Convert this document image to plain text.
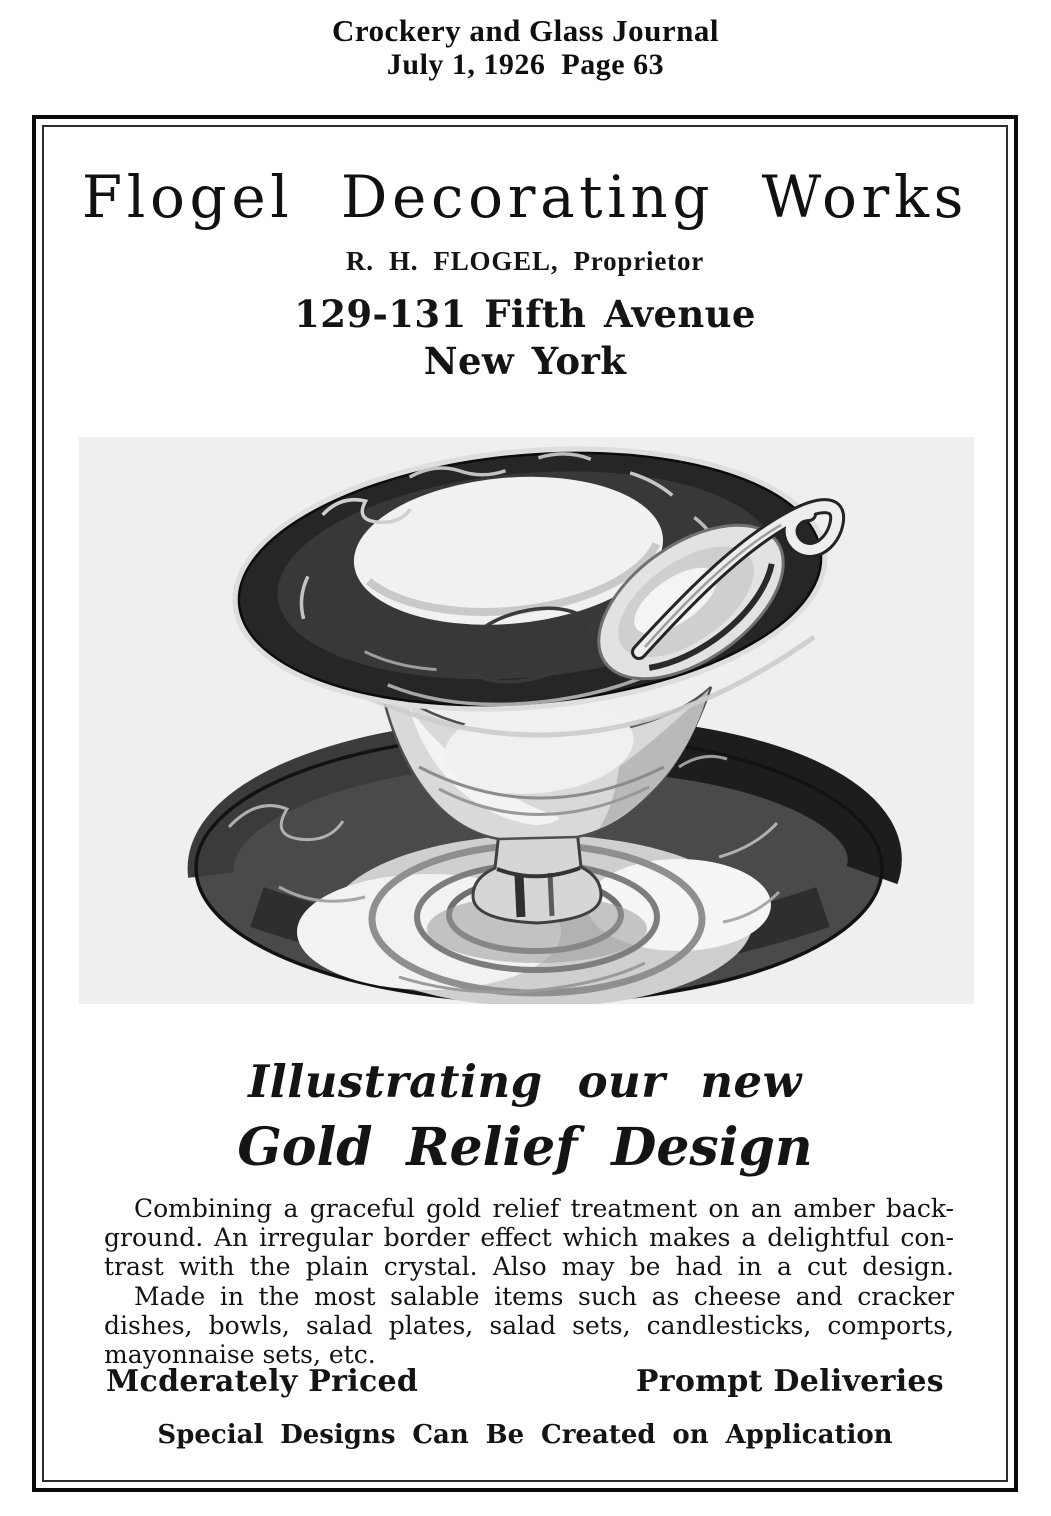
Crockery and Glass Journal
July 1, 1926  Page 63
Flogel Decorating Works
R. H. FLOGEL, Proprietor
129-131 Fifth Avenue
New York
Illustrating our new
Gold Relief Design
Combining a graceful gold relief treatment on an amber back-
ground. An irregular border effect which makes a delightful con-
trast with the plain crystal. Also may be had in a cut design.
Made in the most salable items such as cheese and cracker
dishes, bowls, salad plates, salad sets, candlesticks, comports,
mayonnaise sets, etc.
Mcderately Priced	Prompt Deliveries
Special Designs Can Be Created on Application
